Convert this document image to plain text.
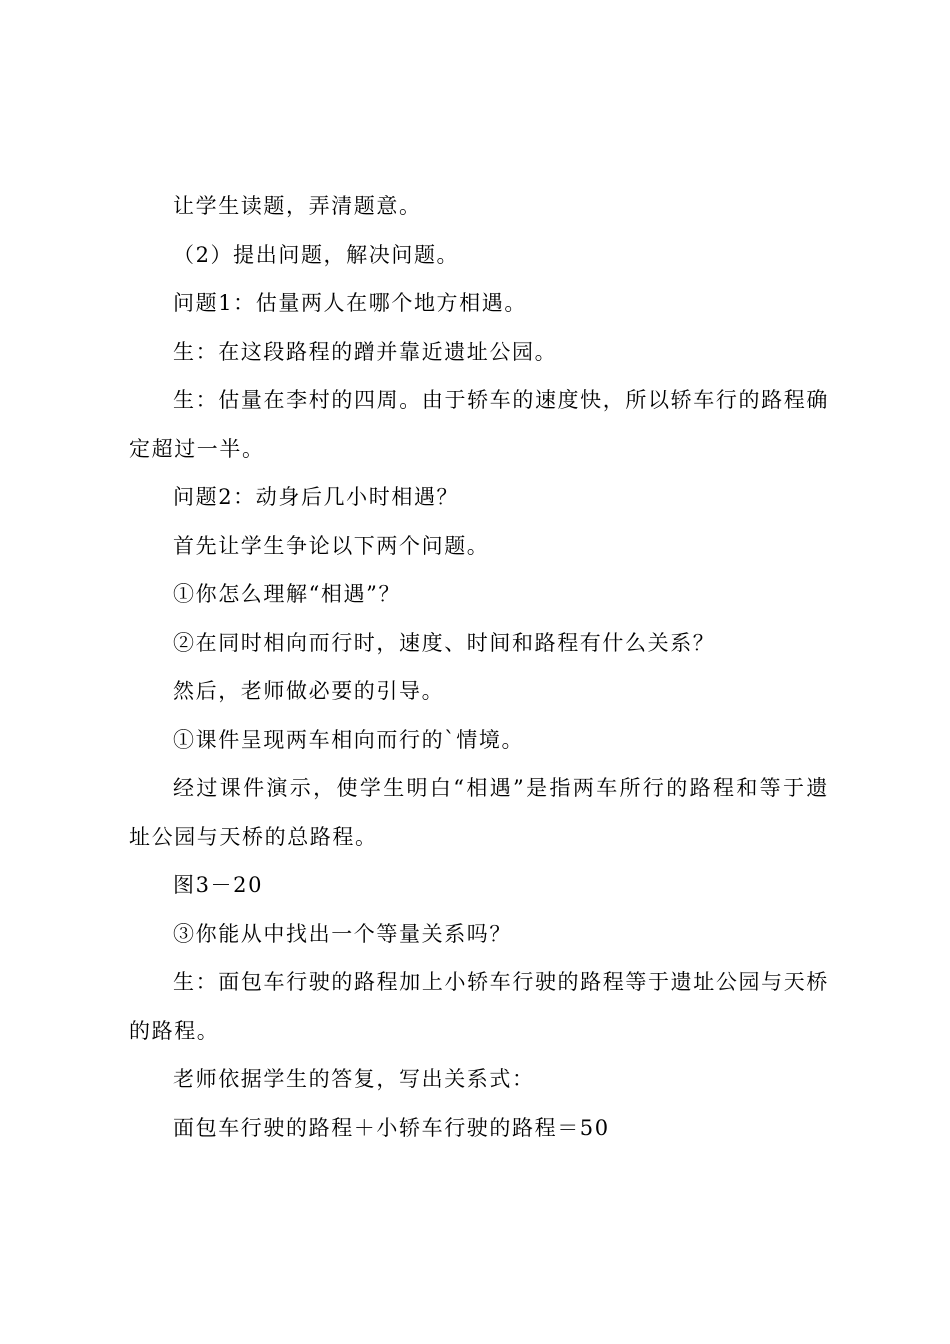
让学生读题，弄清题意。

（2）提出问题，解决问题。

问题1：估量两人在哪个地方相遇。

生：在这段路程的蹭并靠近遗址公园。

生：估量在李村的四周。由于轿车的速度快，所以轿车行的路程确定超过一半。

问题2：动身后几小时相遇？

首先让学生争论以下两个问题。

①你怎么理解“相遇”？

②在同时相向而行时，速度、时间和路程有什么关系？

然后，老师做必要的引导。

①课件呈现两车相向而行的`情境。

经过课件演示，使学生明白“相遇”是指两车所行的路程和等于遗址公园与天桥的总路程。

图3－20

③你能从中找出一个等量关系吗？

生：面包车行驶的路程加上小轿车行驶的路程等于遗址公园与天桥的路程。

老师依据学生的答复，写出关系式：

面包车行驶的路程＋小轿车行驶的路程＝50
